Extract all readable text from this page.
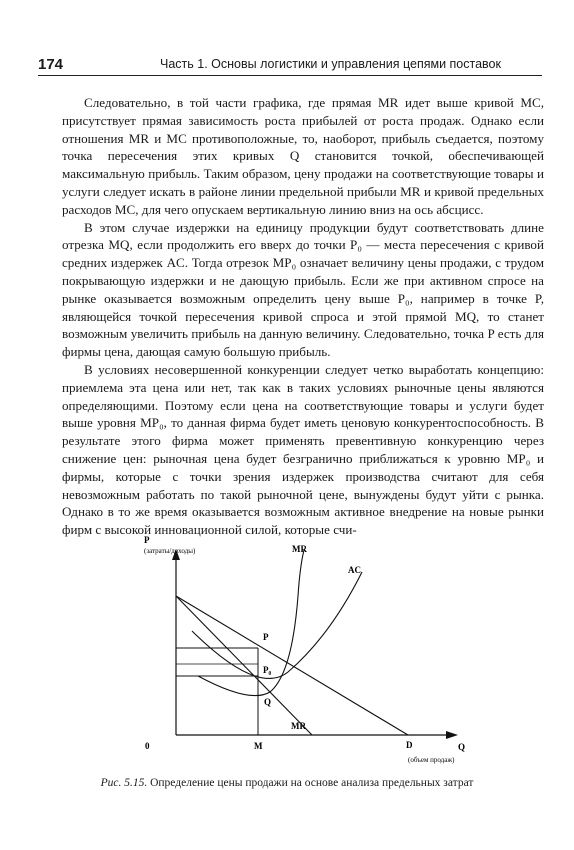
174	Часть 1. Основы логистики и управления цепями поставок

Следовательно, в той части графика, где прямая MR идет выше кривой MC, присутствует прямая зависимость роста прибылей от роста продаж. Однако если отношения MR и MC противоположные, то, наоборот, прибыль съедается, поэтому точка пересечения этих кривых Q становится точкой, обеспечивающей максимальную прибыль. Таким образом, цену продажи на соответствующие товары и услуги следует искать в районе линии предельной прибыли MR и кривой предельных расходов MC, для чего опускаем вертикальную линию вниз на ось абсцисс.

В этом случае издержки на единицу продукции будут соответствовать длине отрезка MQ, если продолжить его вверх до точки P₀ — места пересечения с кривой средних издержек AC. Тогда отрезок MP₀ означает величину цены продажи, с трудом покрывающую издержки и не дающую прибыль. Если же при активном спросе на рынке оказывается возможным определить цену выше P₀, например в точке P, являющейся точкой пересечения кривой спроса и этой прямой MQ, то станет возможным увеличить прибыль на данную величину. Следовательно, точка P есть для фирмы цена, дающая самую большую прибыль.

В условиях несовершенной конкуренции следует четко выработать концепцию: приемлема эта цена или нет, так как в таких условиях рыночные цены являются определяющими. Поэтому если цена на соответствующие товары и услуги будет выше уровня MP₀, то данная фирма будет иметь ценовую конкурентоспособность. В результате этого фирма может применять превентивную конкуренцию через снижение цен: рыночная цена будет безгранично приближаться к уровню MP₀ и фирмы, которые с точки зрения издержек производства считают для себя невозможным работать по такой рыночной цене, вынуждены будут уйти с рынка. Однако в то же время оказывается возможным активное внедрение на новые рынки фирм с высокой инновационной силой, которые счи-

P
(затраты/доходы)	MR
AC
P
P₀
Q
MR
0	M	D	Q
(объем продаж)
Рис. 5.15. Определение цены продажи на основе анализа предельных затрат
